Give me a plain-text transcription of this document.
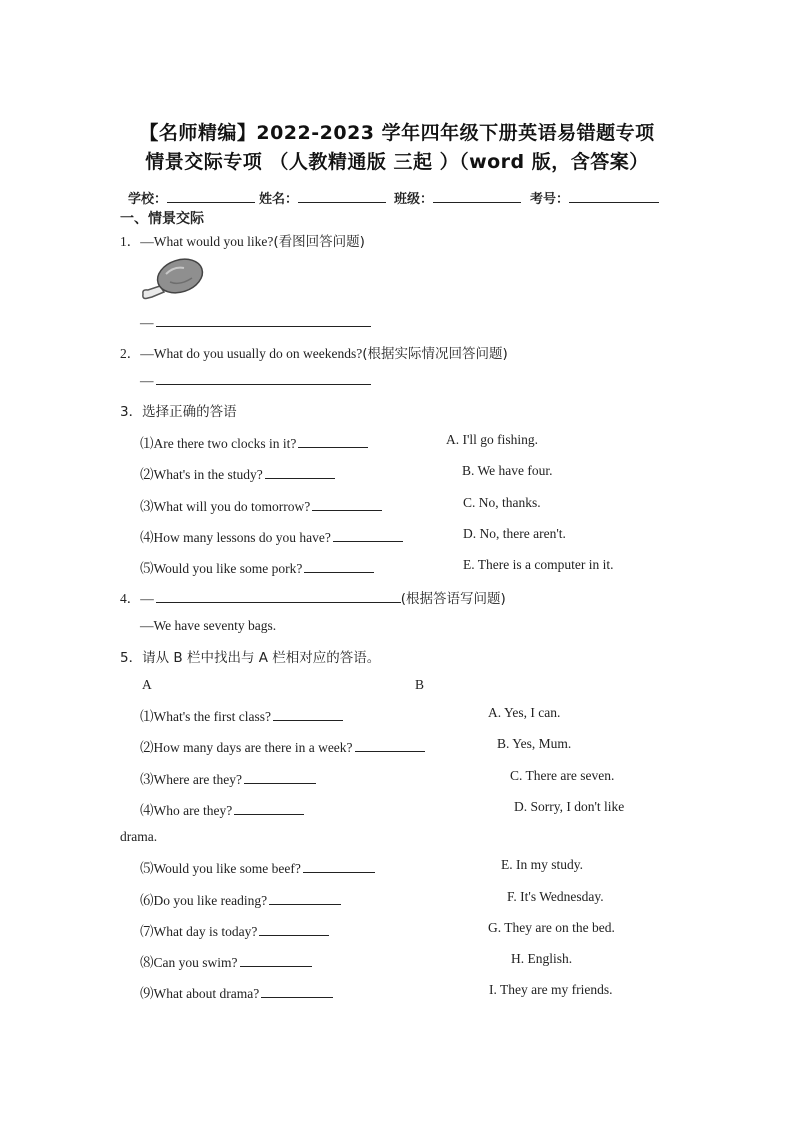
【名师精编】2022-2023 学年四年级下册英语易错题专项
情景交际专项 （人教精通版 三起 ）（word 版，含答案）
学校：	姓名：	班级：	考号：
一、情景交际
1．—What would you like?(看图回答问题)
—
2．—What do you usually do on weekends?(根据实际情况回答问题)
—
3．选择正确的答语
⑴Are there two clocks in it?	A. I'll go fishing.
⑵What's in the study?	B. We have four.
⑶What will you do tomorrow?	C. No, thanks.
⑷How many lessons do you have?	D. No, there aren't.
⑸Would you like some pork?	E. There is a computer in it.
4．—	(根据答语写问题)
—We have seventy bags.
5．请从 B 栏中找出与 A 栏相对应的答语。
A	B
⑴What's the first class?	A. Yes, I can.
⑵How many days are there in a week?	B. Yes, Mum.
⑶Where are they?	C. There are seven.
⑷Who are they?	D. Sorry, I don't like
drama.
⑸Would you like some beef?	E. In my study.
⑹Do you like reading?	F. It's Wednesday.
⑺What day is today?	G. They are on the bed.
⑻Can you swim?	H. English.
⑼What about drama?	I. They are my friends.
